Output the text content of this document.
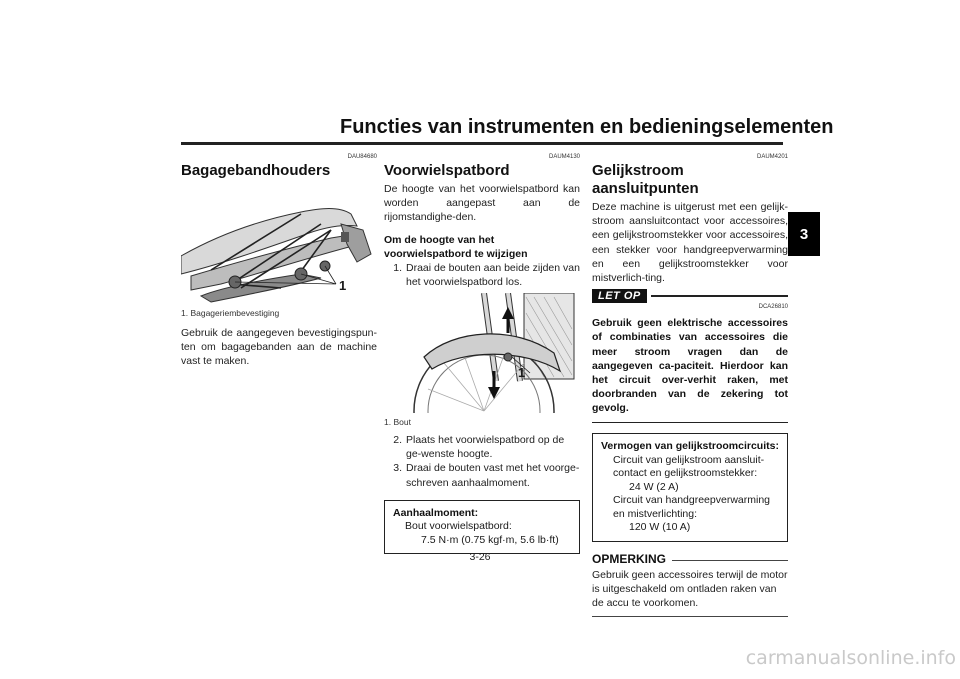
Functies van instrumenten en bedieningselementen
3
DAU84680
Bagagebandhouders
1
1. Bagageriembevestiging

Gebruik de aangegeven bevestigingspun-ten om bagagebanden aan de machine vast te maken.

DAUM4130
Voorwielspatbord

De hoogte van het voorwielspatbord kan worden aangepast aan de rijomstandighe-den.

Om de hoogte van het voorwielspatbord te wijzigen
1. Draai de bouten aan beide zijden van het voorwielspatbord los.
1
1. Bout
2. Plaats het voorwielspatbord op de ge-wenste hoogte.
3. Draai de bouten vast met het voorge-schreven aanhaalmoment.
Aanhaalmoment:
Bout voorwielspatbord:
7.5 N·m (0.75 kgf·m, 5.6 lb·ft)
DAUM4201
Gelijkstroom aansluitpunten

Deze machine is uitgerust met een gelijk-stroom aansluitcontact voor accessoires, een gelijkstroomstekker voor accessoires, een stekker voor handgreepverwarming en een gelijkstroomstekker voor mistverlich-ting.

LET OP
DCA26810
Gebruik geen elektrische accessoires of combinaties van accessoires die meer stroom vragen dan de aangegeven ca-paciteit. Hierdoor kan het circuit over-verhit raken, met doorbranden van de zekering tot gevolg.
Vermogen van gelijkstroomcircuits:
Circuit van gelijkstroom aansluit-
contact en gelijkstroomstekker:
24 W (2 A)
Circuit van handgreepverwarming
en mistverlichting:
120 W (10 A)
OPMERKING

Gebruik geen accessoires terwijl de motor is uitgeschakeld om ontladen raken van de accu te voorkomen.

3-26
carmanualsonline.info
